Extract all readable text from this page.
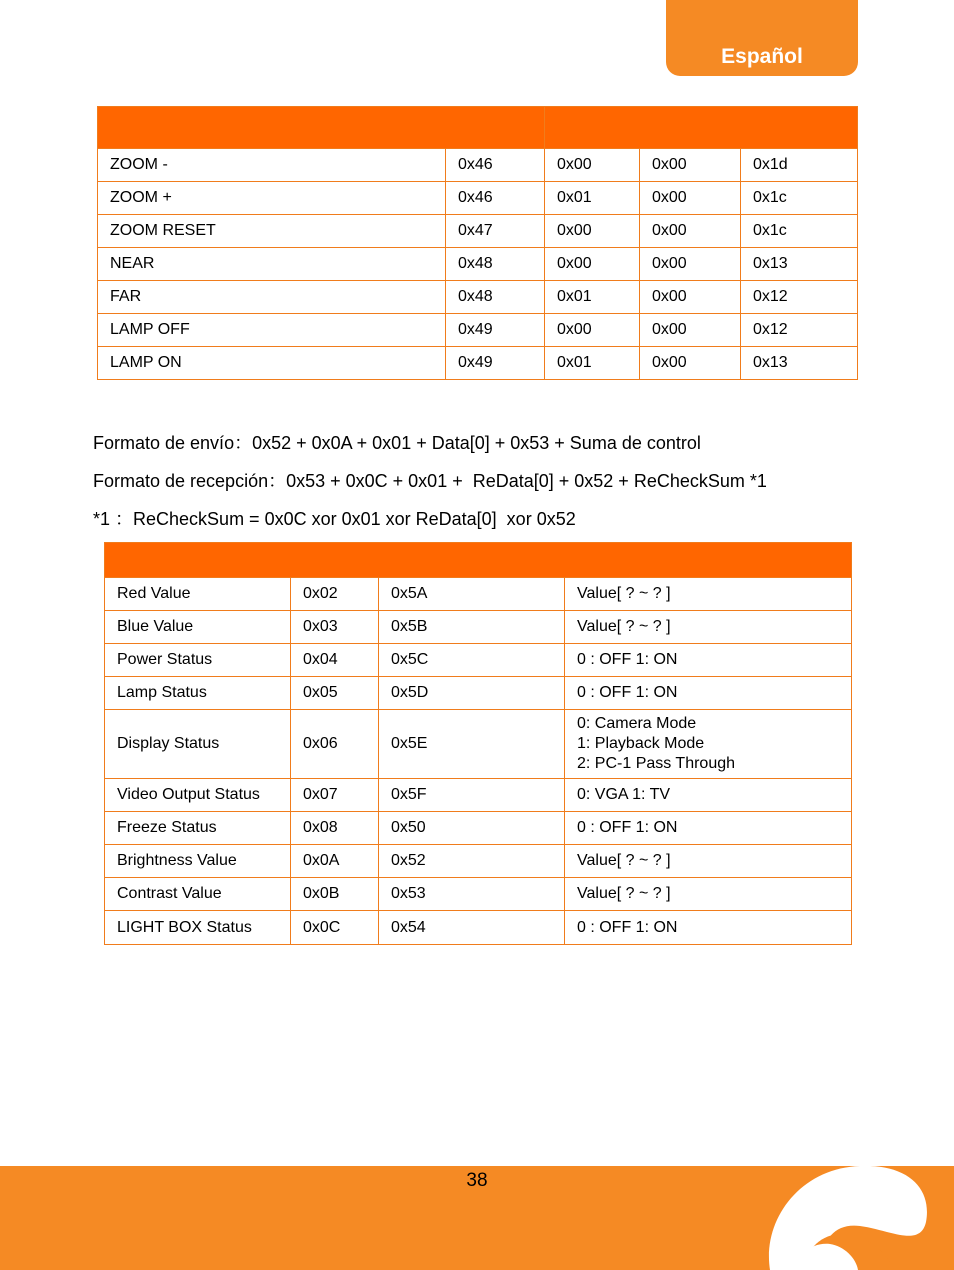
Español

ZOOM -	0x46	0x00	0x00	0x1d
ZOOM +	0x46	0x01	0x00	0x1c
ZOOM RESET	0x47	0x00	0x00	0x1c
NEAR	0x48	0x00	0x00	0x13
FAR	0x48	0x01	0x00	0x12
LAMP OFF	0x49	0x00	0x00	0x12
LAMP ON	0x49	0x01	0x00	0x13
Formato de envío：0x52 + 0x0A + 0x01 + Data[0] + 0x53 + Suma de control
Formato de recepción：0x53 + 0x0C + 0x01 +  ReData[0] + 0x52 + ReCheckSum *1
*1 ：ReCheckSum = 0x0C xor 0x01 xor ReData[0]  xor 0x52

Red Value	0x02	0x5A	Value[ ? ~ ? ]
Blue Value	0x03	0x5B	Value[ ? ~ ? ]
Power Status	0x04	0x5C	0 : OFF 1: ON
Lamp Status	0x05	0x5D	0 : OFF 1: ON
Display Status	0x06	0x5E	0: Camera Mode
1: Playback Mode
2: PC-1 Pass Through
Video Output Status	0x07	0x5F	0: VGA 1: TV
Freeze Status	0x08	0x50	0 : OFF 1: ON
Brightness Value	0x0A	0x52	Value[ ? ~ ? ]
Contrast Value	0x0B	0x53	Value[ ? ~ ? ]
LIGHT BOX Status	0x0C	0x54	0 : OFF 1: ON
38
